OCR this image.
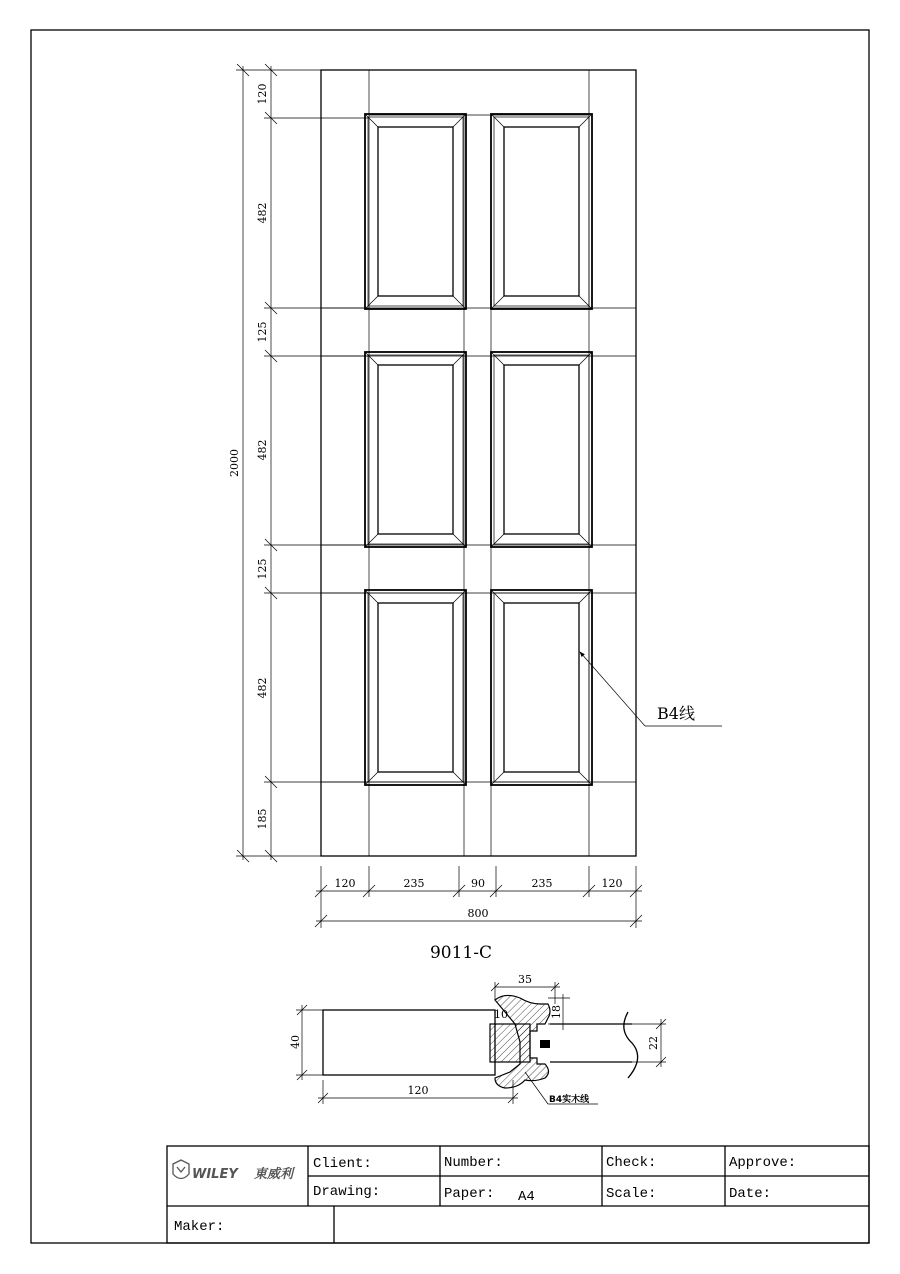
B4线
2000
120
482
125
482
125
482
185
120	235	90	235	120
800
9011-C
35
18
10
40	22
120
B4实木线
WILEY 東威利
Client:	Number:	Check:	Approve:
Drawing:	Paper: A4	Scale:	Date:
Maker:
